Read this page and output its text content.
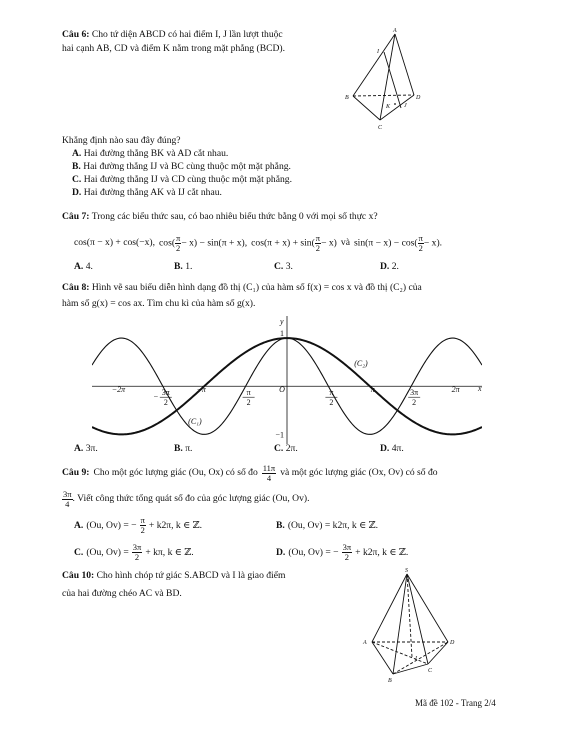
Câu 6: Cho tứ diện ABCD có hai điểm I, J lần lượt thuộc
hai cạnh AB, CD và điểm K nằm trong mặt phẳng (BCD).
A
I
B	D
C
J
K
Khẳng định nào sau đây đúng?
A. Hai đường thẳng BK và AD cắt nhau.
B. Hai đường thẳng IJ và BC cùng thuộc một mặt phẳng.
C. Hai đường thẳng IJ và CD cùng thuộc một mặt phẳng.
D. Hai đường thẳng AK và IJ cắt nhau.
Câu 7: Trong các biểu thức sau, có bao nhiêu biểu thức bằng 0 với mọi số thực x?
cos(π − x) + cos(−x), $\cos( \frac{\pi}{2} - x) - \sin(\pi + x)$, $\cos(\pi + x) + \sin( \frac{\pi}{2} - x)$ và $\sin(\pi - x) - \cos( \frac{\pi}{2} - x)$.
A. 4.	B. 1.	C. 3.	D. 2.
Câu 8: Hình vẽ sau biểu diễn hình dạng đồ thị (C₁) của hàm số f(x) = cos x và đồ thị (C₂) của
hàm số g(x) = cos ax. Tìm chu kì của hàm số g(x).
−2π	3π
2
−
−π	π
2
O	π
2
π	3π
2
2π
1
−1
x
y
(C₂)
(C₁)
A. 3π.	B. π.	C. 2π.	D. 4π.
Câu 9: Cho một góc lượng giác (Ou, Ox) có số đo $\frac{11\pi}{4}$ và một góc lượng giác (Ox, Ov) có số đo
$\frac{3\pi}{4}$ . Viết công thức tổng quát số đo của góc lượng giác (Ou, Ov).
A. (Ou, Ov) = − $\frac{\pi}{2} + k2\pi$, k ∈ ℤ.	B. (Ou, Ov) = k2π, k ∈ ℤ.
C. (Ou, $Ov) = \frac{3\pi}{2} + k\pi$, k ∈ ℤ.	D. (Ou, Ov) = − $\frac{3\pi}{2} + k2\pi$, k ∈ ℤ.
Câu 10: Cho hình chóp tứ giác S.ABCD và I là giao điểm
của hai đường chéo AC và BD.
S
A	D
B
C
I
Mã đề 102 - Trang 2/4
